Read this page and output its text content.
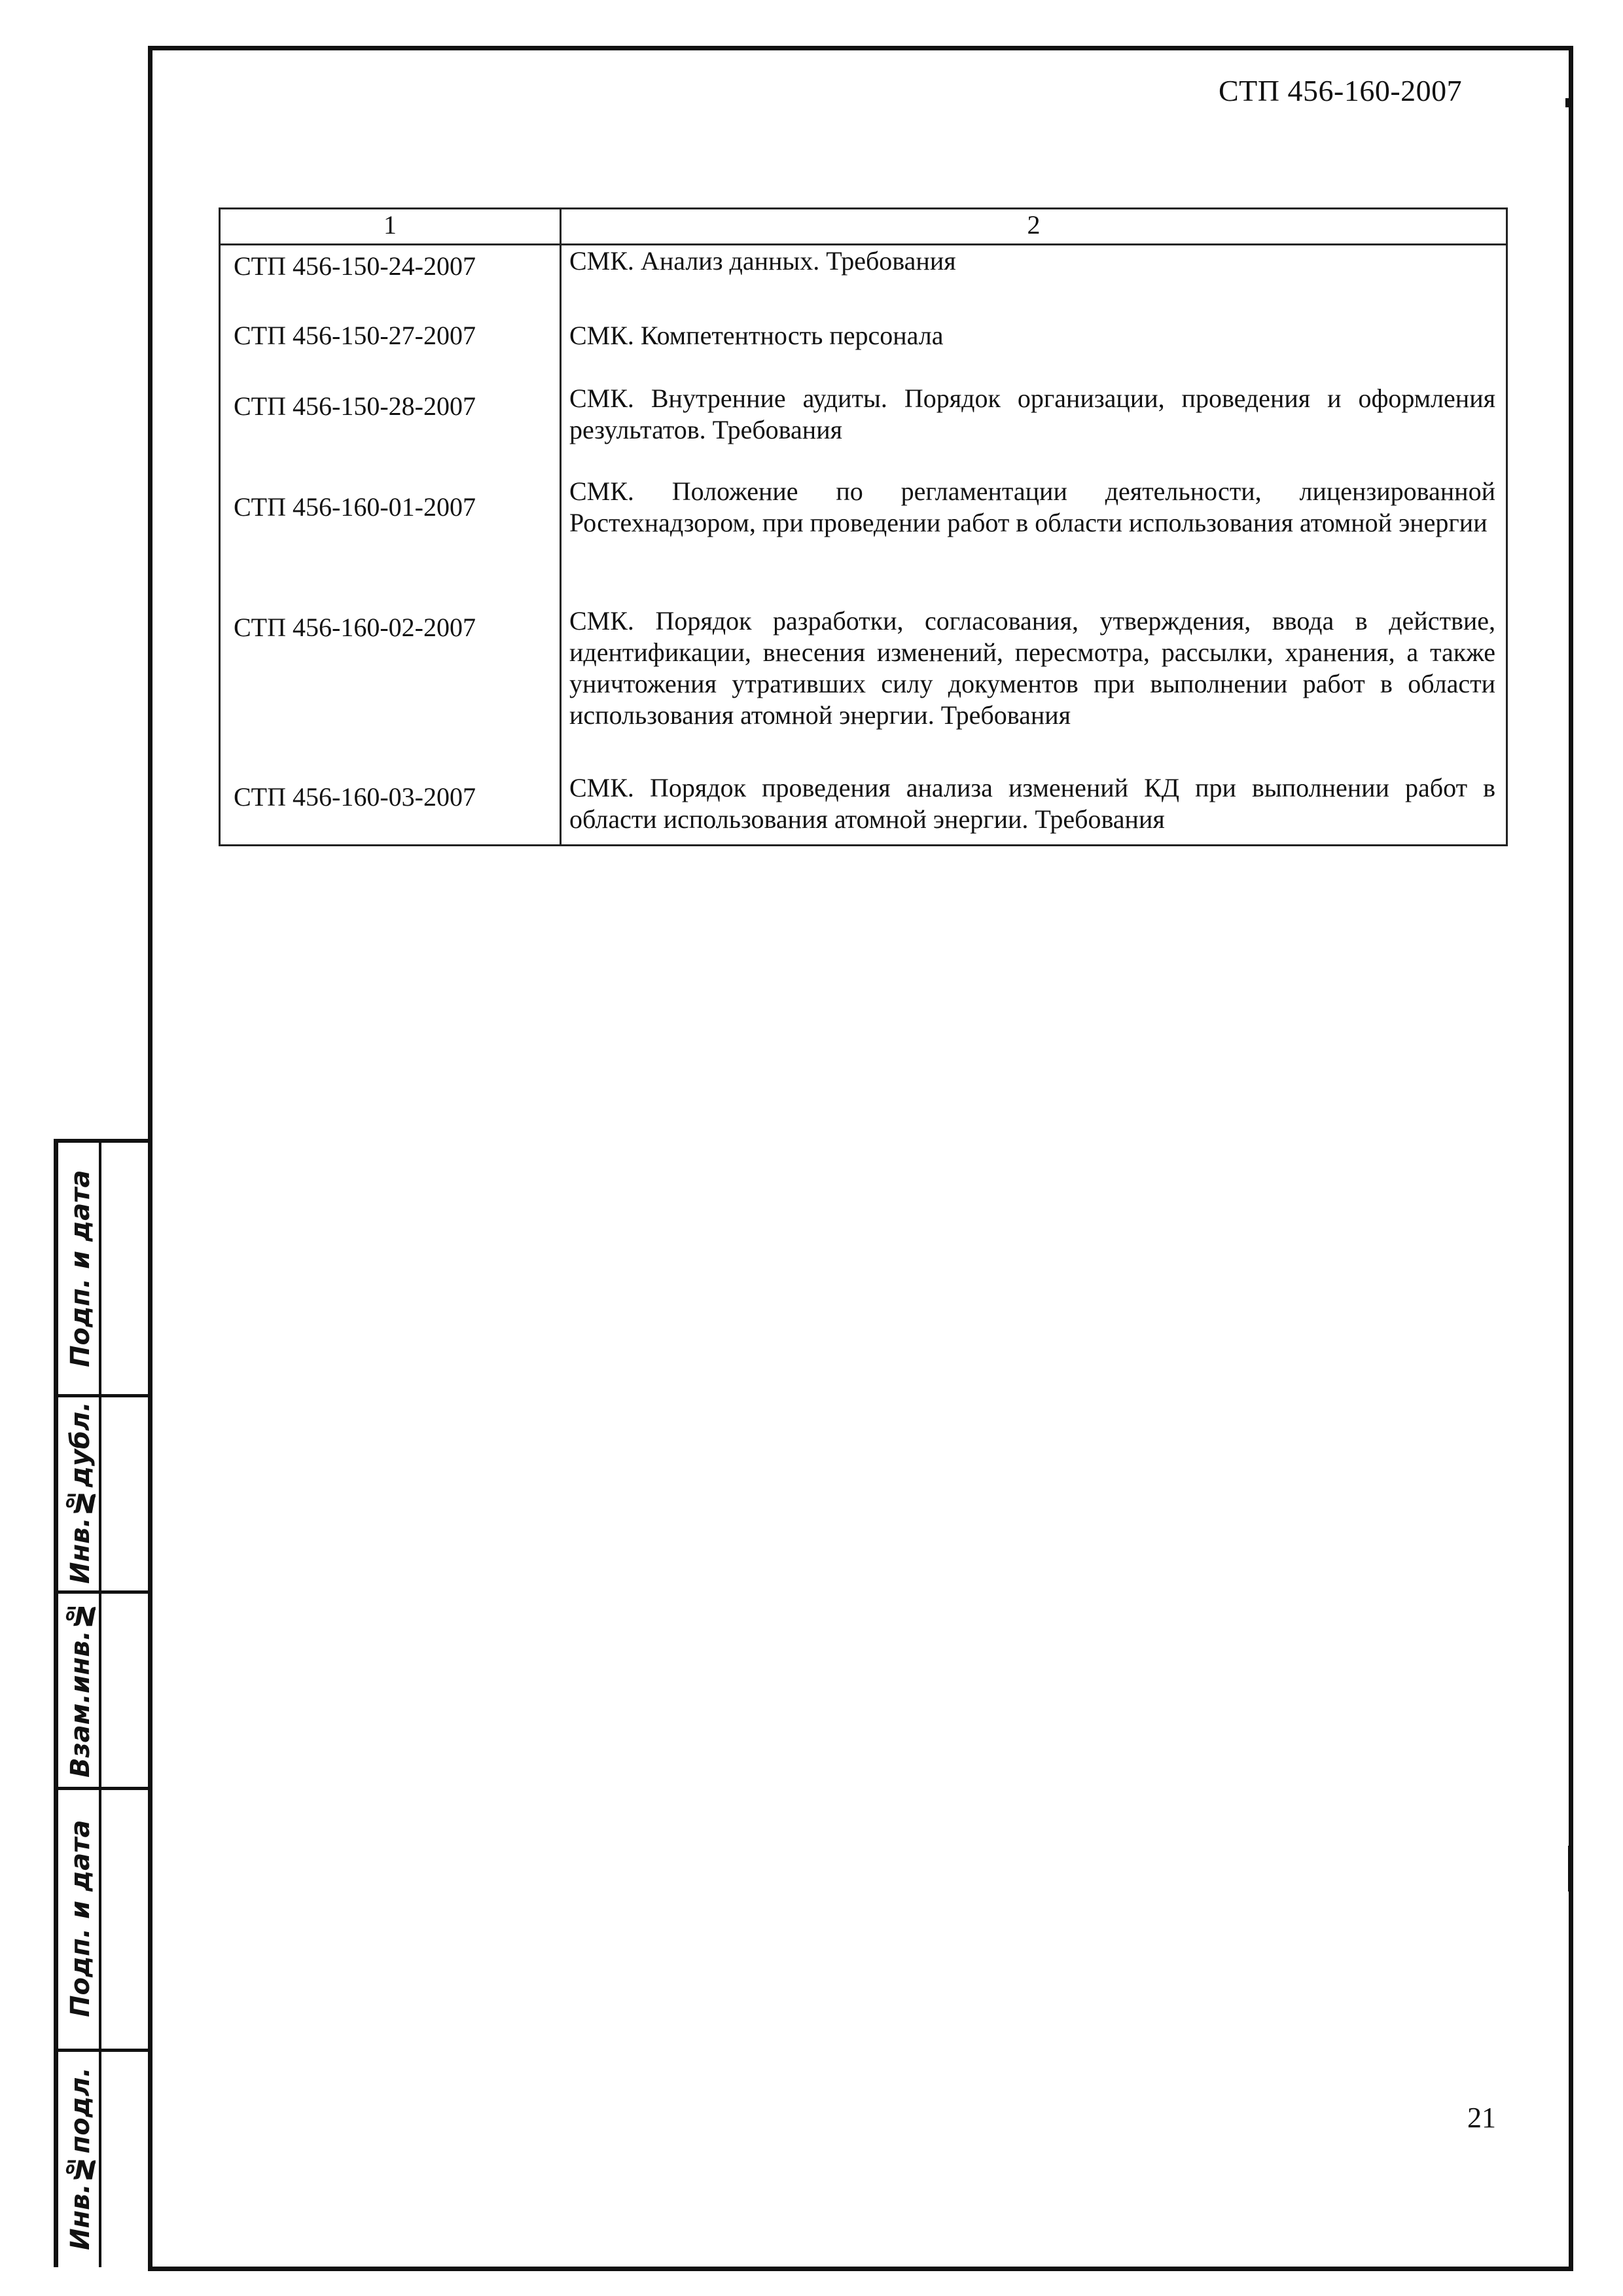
СТП 456-160-2007
1	2
СТП 456-150-24-2007	СМК. Анализ данных. Требования

СТП 456-150-27-2007	СМК. Компетентность персонала

СТП 456-150-28-2007	СМК. Внутренние аудиты. Порядок организации, проведения и оформления результатов. Требования

СТП 456-160-01-2007	СМК. Положение по регламентации деятельности, лицензированной Ростехнадзором, при проведении работ в области использования атомной энергии

СТП 456-160-02-2007	СМК. Порядок разработки, согласования, утверждения, ввода в действие, идентификации, внесения изменений, пересмотра, рассылки, хранения, а также уничтожения утративших силу документов при выполнении работ в области использования атомной энергии. Требования

СТП 456-160-03-2007	СМК. Порядок проведения анализа изменений КД при выполнении работ в области использования атомной энергии. Требования
Подп. и дата
Инв.№дубл.
Взам.инв.№
Подп. и дата
Инв.№подл.	21
